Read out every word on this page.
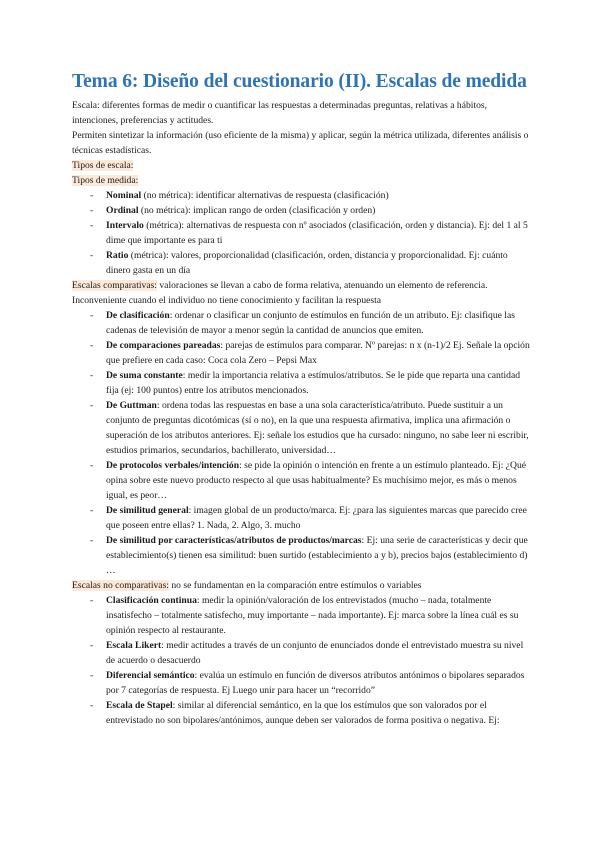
Tema 6: Diseño del cuestionario (II). Escalas de medida

Escala: diferentes formas de medir o cuantificar las respuestas a determinadas preguntas, relativas a hábitos, intenciones, preferencias y actitudes.

Permiten sintetizar la información (uso eficiente de la misma) y aplicar, según la métrica utilizada, diferentes análisis o técnicas estadísticas.

Tipos de escala:

Tipos de medida:

- Nominal (no métrica): identificar alternativas de respuesta (clasificación)
- Ordinal (no métrica): implican rango de orden (clasificación y orden)
- Intervalo (métrica): alternativas de respuesta con nº asociados (clasificación, orden y distancia). Ej: del 1 al 5 dime que importante es para ti
- Ratio (métrica): valores, proporcionalidad (clasificación, orden, distancia y proporcionalidad. Ej: cuánto dinero gasta en un día

Escalas comparativas: valoraciones se llevan a cabo de forma relativa, atenuando un elemento de referencia. Inconveniente cuando el individuo no tiene conocimiento y facilitan la respuesta

- De clasificación: ordenar o clasificar un conjunto de estímulos en función de un atributo. Ej: clasifique las cadenas de televisión de mayor a menor según la cantidad de anuncios que emiten.
- De comparaciones pareadas: parejas de estímulos para comparar. Nº parejas: n x (n-1)/2 Ej. Señale la opción que prefiere en cada caso: Coca cola Zero – Pepsi Max
- De suma constante: medir la importancia relativa a estímulos/atributos. Se le pide que reparta una cantidad fija (ej: 100 puntos) entre los atributos mencionados.
- De Guttman: ordena todas las respuestas en base a una sola característica/atributo. Puede sustituir a un conjunto de preguntas dicotómicas (sí o no), en la que una respuesta afirmativa, implica una afirmación o superación de los atributos anteriores. Ej: señale los estudios que ha cursado: ninguno, no sabe leer ni escribir, estudios primarios, secundarios, bachillerato, universidad…
- De protocolos verbales/intención: se pide la opinión o intención en frente a un estímulo planteado. Ej: ¿Qué opina sobre este nuevo producto respecto al que usas habitualmente? Es muchísimo mejor, es más o menos igual, es peor…
- De similitud general: imagen global de un producto/marca. Ej: ¿para las siguientes marcas que parecido cree que poseen entre ellas? 1. Nada, 2. Algo, 3. mucho
- De similitud por características/atributos de productos/marcas: Ej: una serie de características y decir que establecimiento(s) tienen esa similitud: buen surtido (establecimiento a y b), precios bajos (establecimiento d) …

Escalas no comparativas: no se fundamentan en la comparación entre estímulos o variables

- Clasificación continua: medir la opinión/valoración de los entrevistados (mucho – nada, totalmente insatisfecho – totalmente satisfecho, muy importante – nada importante). Ej: marca sobre la línea cuál es su opinión respecto al restaurante.
- Escala Likert: medir actitudes a través de un conjunto de enunciados donde el entrevistado muestra su nivel de acuerdo o desacuerdo
- Diferencial semántico: evalúa un estímulo en función de diversos atributos antónimos o bipolares separados por 7 categorías de respuesta. Ej Luego unir para hacer un “recorrido”
- Escala de Stapel: similar al diferencial semántico, en la que los estímulos que son valorados por el entrevistado no son bipolares/antónimos, aunque deben ser valorados de forma positiva o negativa. Ej:
